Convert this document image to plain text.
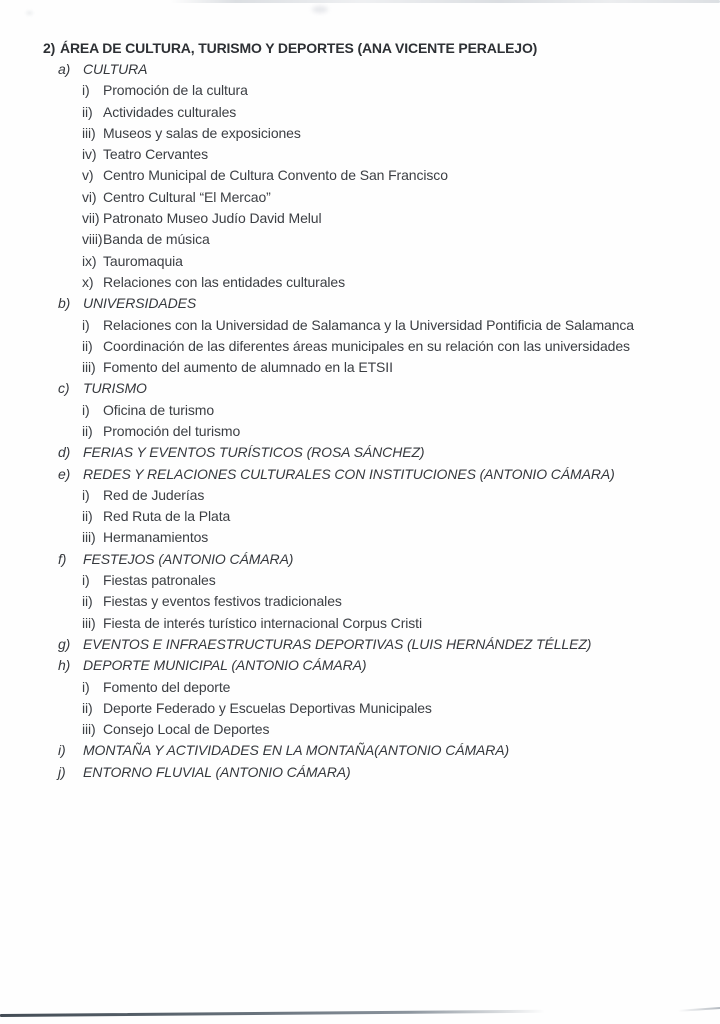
2) ÁREA DE CULTURA, TURISMO Y DEPORTES (ANA VICENTE PERALEJO)
a) CULTURA
i) Promoción de la cultura
ii) Actividades culturales
iii) Museos y salas de exposiciones
iv) Teatro Cervantes
v) Centro Municipal de Cultura Convento de San Francisco
vi) Centro Cultural “El Mercao”
vii) Patronato Museo Judío David Melul
viii) Banda de música
ix) Tauromaquia
x) Relaciones con las entidades culturales
b) UNIVERSIDADES
i) Relaciones con la Universidad de Salamanca y la Universidad Pontificia de Salamanca
ii) Coordinación de las diferentes áreas municipales en su relación con las universidades
iii) Fomento del aumento de alumnado en la ETSII
c) TURISMO
i) Oficina de turismo
ii) Promoción del turismo
d) FERIAS Y EVENTOS TURÍSTICOS (ROSA SÁNCHEZ)
e) REDES Y RELACIONES CULTURALES CON INSTITUCIONES (ANTONIO CÁMARA)
i) Red de Juderías
ii) Red Ruta de la Plata
iii) Hermanamientos
f)	FESTEJOS (ANTONIO CÁMARA)
i) Fiestas patronales
ii) Fiestas y eventos festivos tradicionales
iii) Fiesta de interés turístico internacional Corpus Cristi
g) EVENTOS E INFRAESTRUCTURAS DEPORTIVAS (LUIS HERNÁNDEZ TÉLLEZ)
h) DEPORTE MUNICIPAL (ANTONIO CÁMARA)
i) Fomento del deporte
ii) Deporte Federado y Escuelas Deportivas Municipales
iii) Consejo Local de Deportes
i)	MONTAÑA Y ACTIVIDADES EN LA MONTAÑA(ANTONIO CÁMARA)
j)	ENTORNO FLUVIAL (ANTONIO CÁMARA)
